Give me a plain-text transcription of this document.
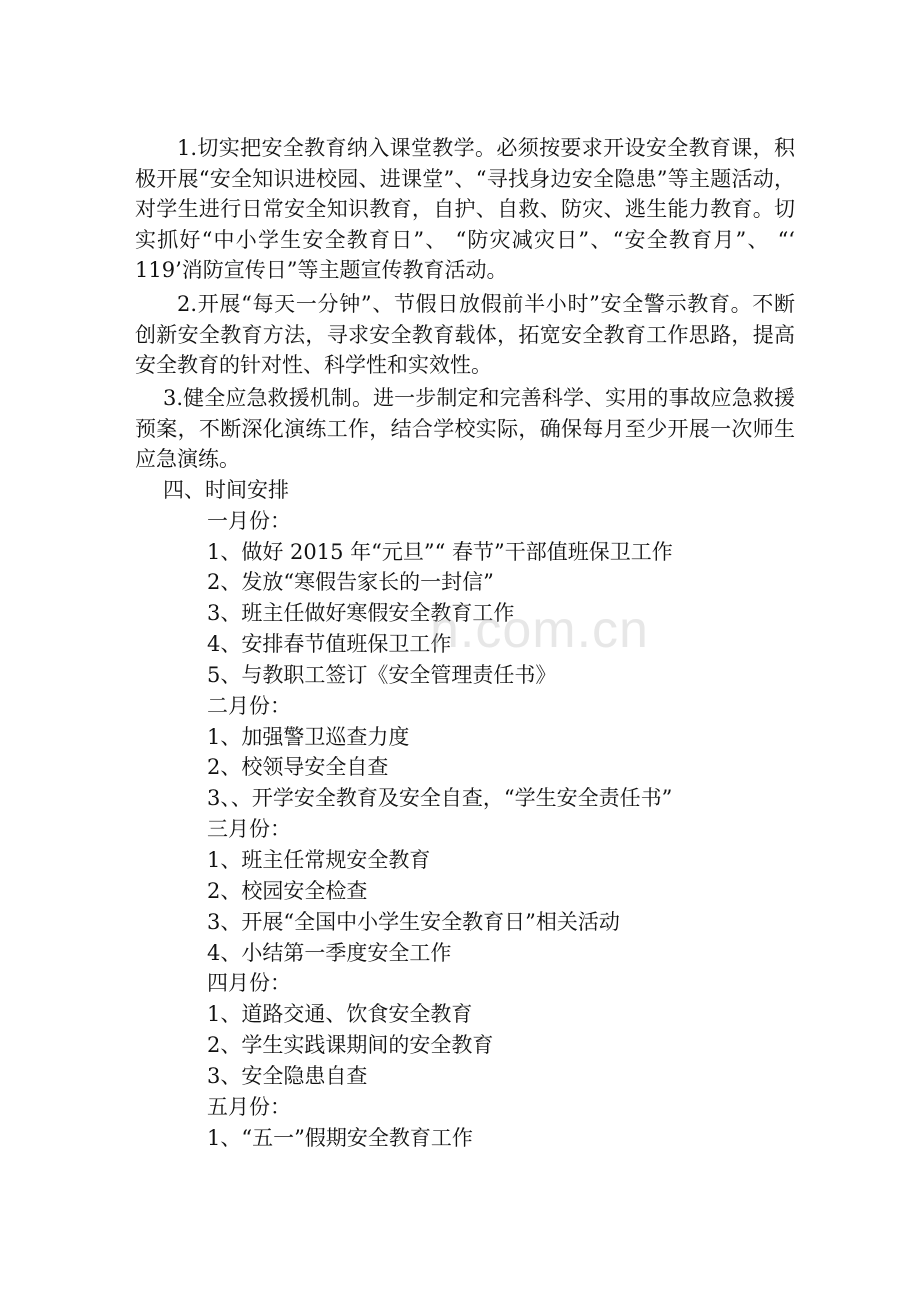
1.切实把安全教育纳入课堂教学。必须按要求开设安全教育课，积极开展“安全知识进校园、进课堂”、“寻找身边安全隐患”等主题活动，对学生进行日常安全知识教育，自护、自救、防灾、逃生能力教育。切实抓好“中小学生安全教育日”、 “防灾减灾日”、“安全教育月”、 “‘ 119’消防宣传日”等主题宣传教育活动。

2.开展“每天一分钟”、节假日放假前半小时”安全警示教育。不断创新安全教育方法，寻求安全教育载体，拓宽安全教育工作思路，提高安全教育的针对性、科学性和实效性。

3.健全应急救援机制。进一步制定和完善科学、实用的事故应急救援预案，不断深化演练工作，结合学校实际，确保每月至少开展一次师生应急演练。

四、时间安排

一月份：

1、做好 2015 年“元旦”“ 春节”干部值班保卫工作

2、发放“寒假告家长的一封信”

3、班主任做好寒假安全教育工作

4、安排春节值班保卫工作

5、与教职工签订《安全管理责任书》

二月份：

1、加强警卫巡查力度

2、校领导安全自查

3、、开学安全教育及安全自查，“学生安全责任书”

三月份：

1、班主任常规安全教育

2、校园安全检查

3、开展“全国中小学生安全教育日”相关活动

4、小结第一季度安全工作

四月份：

1、道路交通、饮食安全教育

2、学生实践课期间的安全教育

3、安全隐患自查

五月份：

1、“五一”假期安全教育工作

n.com.cn
